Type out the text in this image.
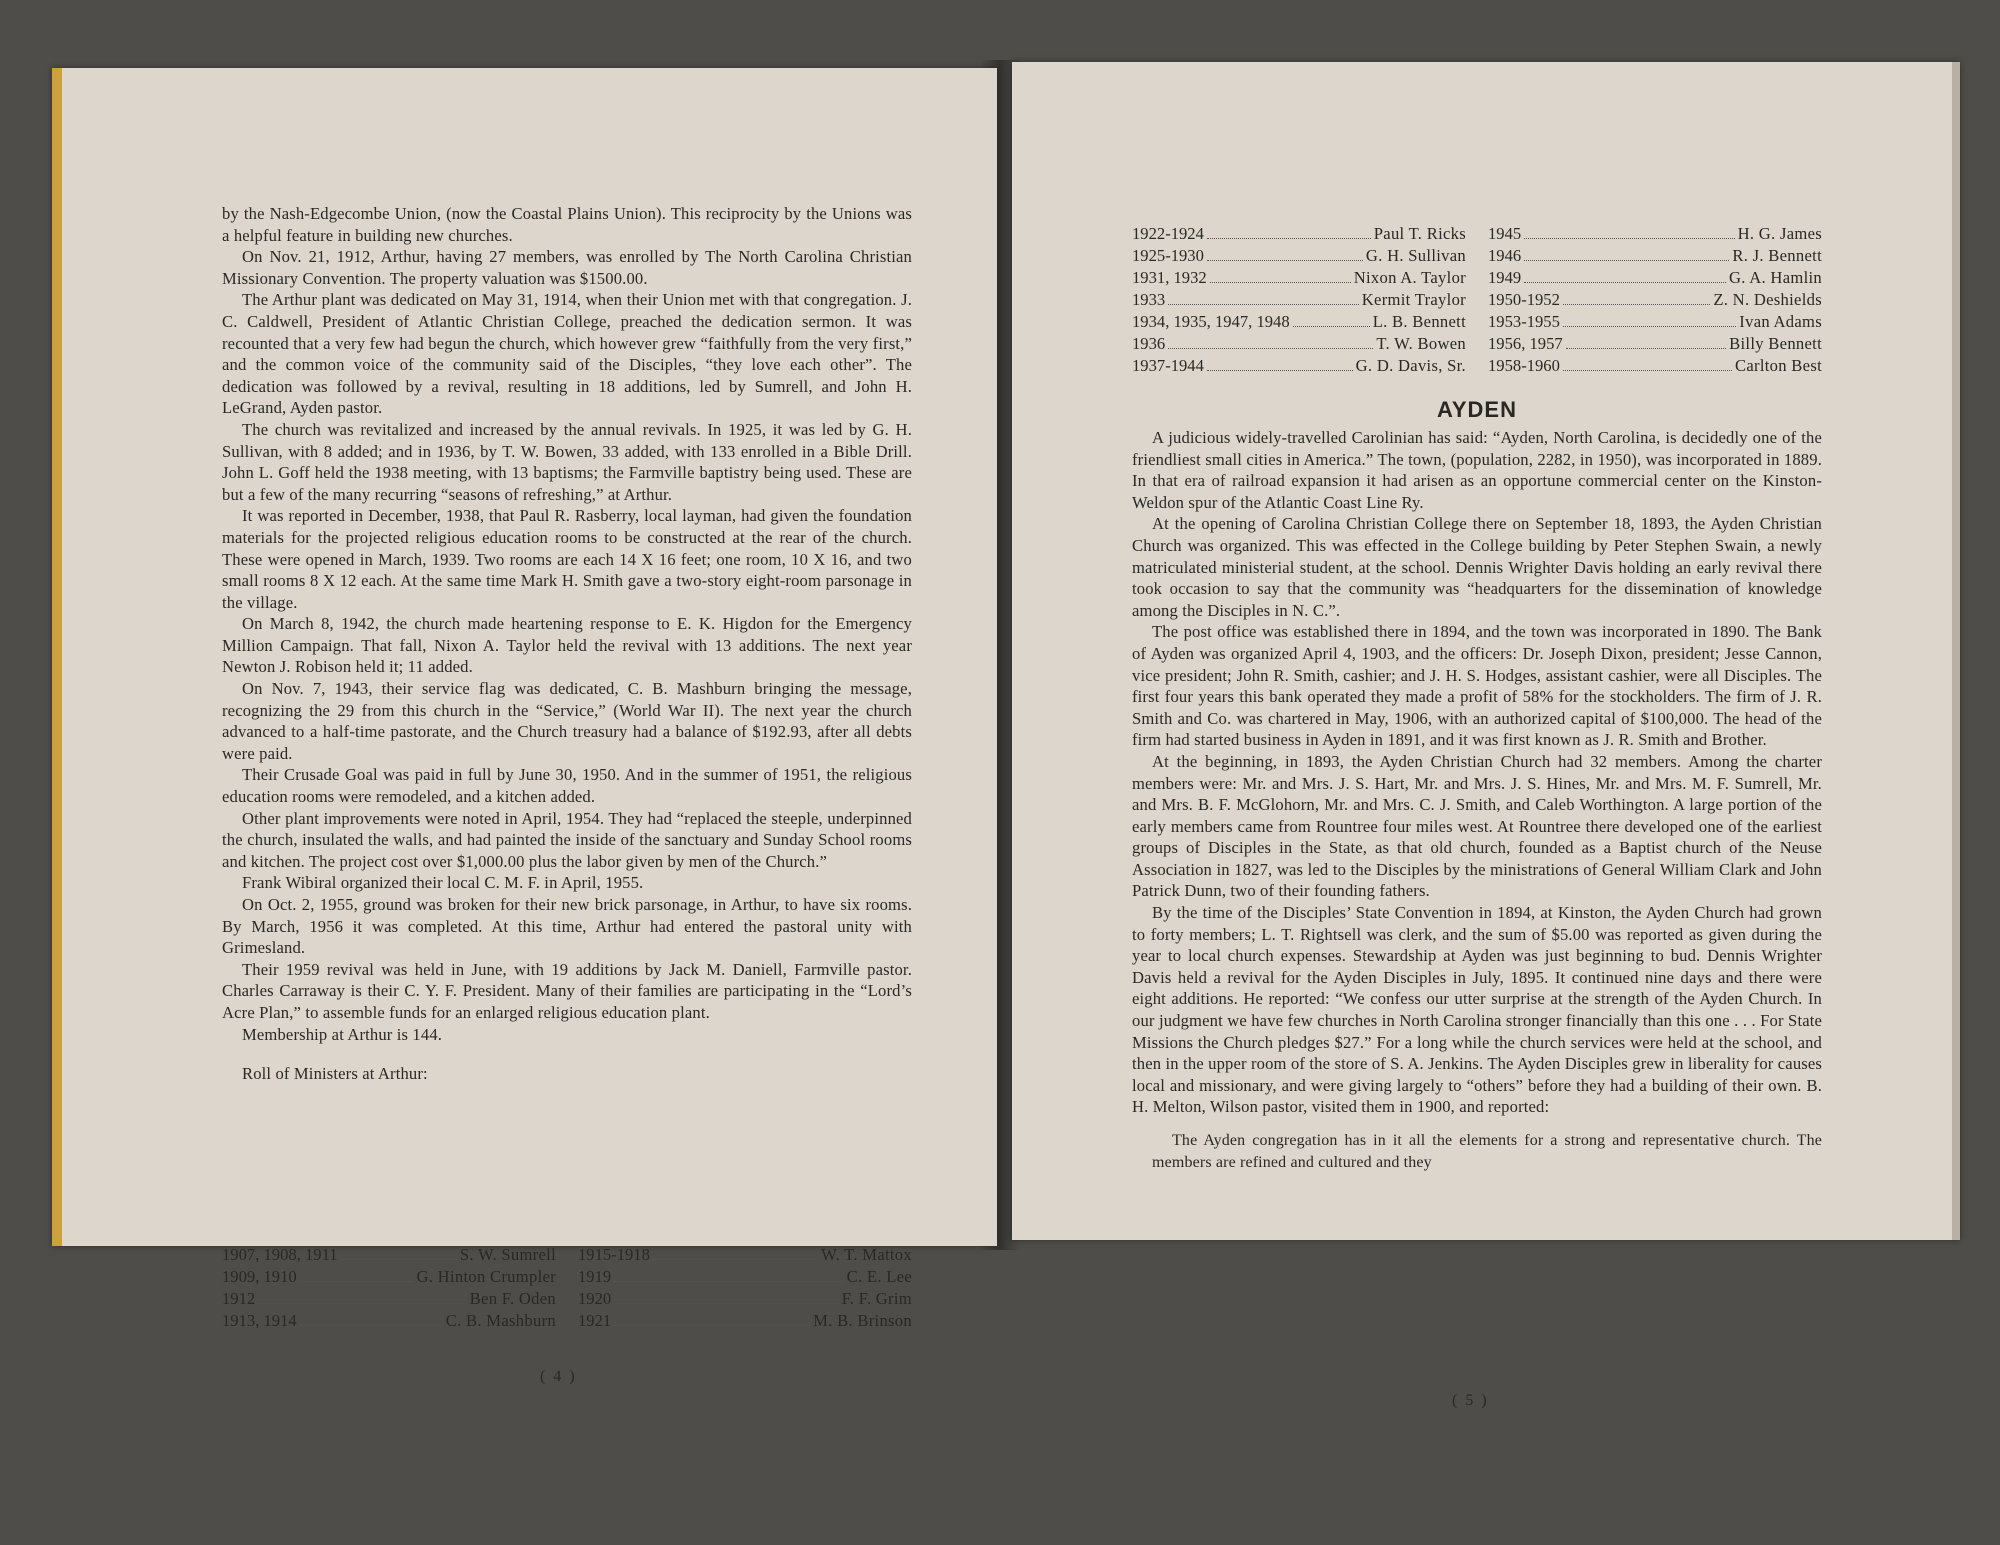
by the Nash-Edgecombe Union, (now the Coastal Plains Union). This reciprocity by the Unions was a helpful feature in building new churches.

On Nov. 21, 1912, Arthur, having 27 members, was enrolled by The North Carolina Christian Missionary Convention. The property valuation was $1500.00.

The Arthur plant was dedicated on May 31, 1914, when their Union met with that congregation. J. C. Caldwell, President of Atlantic Christian College, preached the dedication sermon. It was recounted that a very few had begun the church, which however grew “faithfully from the very first,” and the common voice of the community said of the Disciples, “they love each other”. The dedication was followed by a revival, resulting in 18 additions, led by Sumrell, and John H. LeGrand, Ayden pastor.

The church was revitalized and increased by the annual revivals. In 1925, it was led by G. H. Sullivan, with 8 added; and in 1936, by T. W. Bowen, 33 added, with 133 enrolled in a Bible Drill. John L. Goff held the 1938 meeting, with 13 baptisms; the Farmville baptistry being used. These are but a few of the many recurring “seasons of refreshing,” at Arthur.

It was reported in December, 1938, that Paul R. Rasberry, local layman, had given the foundation materials for the projected religious education rooms to be constructed at the rear of the church. These were opened in March, 1939. Two rooms are each 14 X 16 feet; one room, 10 X 16, and two small rooms 8 X 12 each. At the same time Mark H. Smith gave a two-story eight-room parsonage in the village.

On March 8, 1942, the church made heartening response to E. K. Higdon for the Emergency Million Campaign. That fall, Nixon A. Taylor held the revival with 13 additions. The next year Newton J. Robison held it; 11 added.

On Nov. 7, 1943, their service flag was dedicated, C. B. Mashburn bringing the message, recognizing the 29 from this church in the “Service,” (World War II). The next year the church advanced to a half-time pastorate, and the Church treasury had a balance of $192.93, after all debts were paid.

Their Crusade Goal was paid in full by June 30, 1950. And in the summer of 1951, the religious education rooms were remodeled, and a kitchen added.

Other plant improvements were noted in April, 1954. They had “replaced the steeple, underpinned the church, insulated the walls, and had painted the inside of the sanctuary and Sunday School rooms and kitchen. The project cost over $1,000.00 plus the labor given by men of the Church.”

Frank Wibiral organized their local C. M. F. in April, 1955.

On Oct. 2, 1955, ground was broken for their new brick parsonage, in Arthur, to have six rooms. By March, 1956 it was completed. At this time, Arthur had entered the pastoral unity with Grimesland.

Their 1959 revival was held in June, with 19 additions by Jack M. Daniell, Farmville pastor. Charles Carraway is their C. Y. F. President. Many of their families are participating in the “Lord’s Acre Plan,” to assemble funds for an enlarged religious education plant.

Membership at Arthur is 144.

Roll of Ministers at Arthur:

1907, 1908, 1911	S. W. Sumrell
1909, 1910	G. Hinton Crumpler
1912	Ben F. Oden
1913, 1914	C. B. Mashburn
1915-1918	W. T. Mattox
1919	C. E. Lee
1920	F. F. Grim
1921	M. B. Brinson
( 4 )
1922-1924	Paul T. Ricks
1925-1930	G. H. Sullivan
1931, 1932	Nixon A. Taylor
1933	Kermit Traylor
1934, 1935, 1947, 1948	L. B. Bennett
1936	T. W. Bowen
1937-1944	G. D. Davis, Sr.
1945	H. G. James
1946	R. J. Bennett
1949	G. A. Hamlin
1950-1952	Z. N. Deshields
1953-1955	Ivan Adams
1956, 1957	Billy Bennett
1958-1960	Carlton Best
AYDEN

A judicious widely-travelled Carolinian has said: “Ayden, North Carolina, is decidedly one of the friendliest small cities in America.” The town, (population, 2282, in 1950), was incorporated in 1889. In that era of railroad expansion it had arisen as an opportune commercial center on the Kinston-Weldon spur of the Atlantic Coast Line Ry.

At the opening of Carolina Christian College there on September 18, 1893, the Ayden Christian Church was organized. This was effected in the College building by Peter Stephen Swain, a newly matriculated ministerial student, at the school. Dennis Wrighter Davis holding an early revival there took occasion to say that the community was “headquarters for the dissemination of knowledge among the Disciples in N. C.”.

The post office was established there in 1894, and the town was incorporated in 1890. The Bank of Ayden was organized April 4, 1903, and the officers: Dr. Joseph Dixon, president; Jesse Cannon, vice president; John R. Smith, cashier; and J. H. S. Hodges, assistant cashier, were all Disciples. The first four years this bank operated they made a profit of 58% for the stockholders. The firm of J. R. Smith and Co. was chartered in May, 1906, with an authorized capital of $100,000. The head of the firm had started business in Ayden in 1891, and it was first known as J. R. Smith and Brother.

At the beginning, in 1893, the Ayden Christian Church had 32 members. Among the charter members were: Mr. and Mrs. J. S. Hart, Mr. and Mrs. J. S. Hines, Mr. and Mrs. M. F. Sumrell, Mr. and Mrs. B. F. McGlohorn, Mr. and Mrs. C. J. Smith, and Caleb Worthington. A large portion of the early members came from Rountree four miles west. At Rountree there developed one of the earliest groups of Disciples in the State, as that old church, founded as a Baptist church of the Neuse Association in 1827, was led to the Disciples by the ministrations of General William Clark and John Patrick Dunn, two of their founding fathers.

By the time of the Disciples’ State Convention in 1894, at Kinston, the Ayden Church had grown to forty members; L. T. Rightsell was clerk, and the sum of $5.00 was reported as given during the year to local church expenses. Stewardship at Ayden was just beginning to bud. Dennis Wrighter Davis held a revival for the Ayden Disciples in July, 1895. It continued nine days and there were eight additions. He reported: “We confess our utter surprise at the strength of the Ayden Church. In our judgment we have few churches in North Carolina stronger financially than this one . . . For State Missions the Church pledges $27.” For a long while the church services were held at the school, and then in the upper room of the store of S. A. Jenkins. The Ayden Disciples grew in liberality for causes local and missionary, and were giving largely to “others” before they had a building of their own. B. H. Melton, Wilson pastor, visited them in 1900, and reported:

The Ayden congregation has in it all the elements for a strong and representative church. The members are refined and cultured and they

( 5 )
